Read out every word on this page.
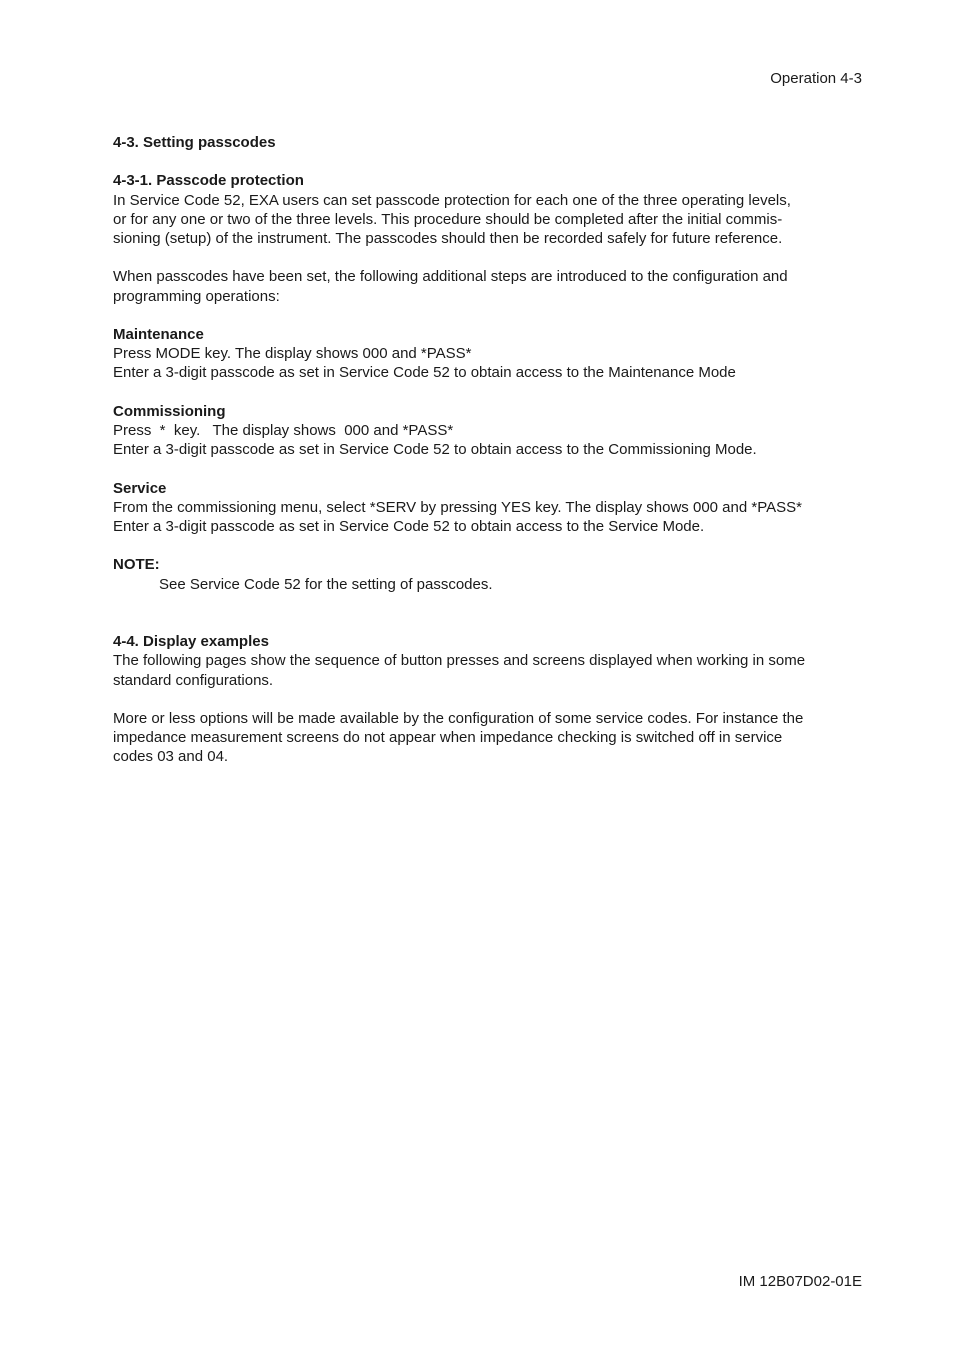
Operation 4-3
4-3. Setting passcodes
4-3-1. Passcode protection
In Service Code 52, EXA users can set passcode protection for each one of the three operating levels,
or for any one or two of the three levels. This procedure should be completed after the initial commis-
sioning (setup) of the instrument. The passcodes should then be recorded safely for future reference.
When passcodes have been set, the following additional steps are introduced to the configuration and
programming operations:
Maintenance
Press MODE key. The display shows 000 and *PASS*
Enter a 3-digit passcode as set in Service Code 52 to obtain access to the Maintenance Mode
Commissioning
Press  *  key.   The display shows  000 and *PASS*
Enter a 3-digit passcode as set in Service Code 52 to obtain access to the Commissioning Mode.
Service
From the commissioning menu, select *SERV by pressing YES key. The display shows 000 and *PASS*
Enter a 3-digit passcode as set in Service Code 52 to obtain access to the Service Mode.
NOTE:
See Service Code 52 for the setting of passcodes.
4-4. Display examples
The following pages show the sequence of button presses and screens displayed when working in some
standard configurations.
More or less options will be made available by the configuration of some service codes. For instance the
impedance measurement screens do not appear when impedance checking is switched off in service
codes 03 and 04.
IM 12B07D02-01E
